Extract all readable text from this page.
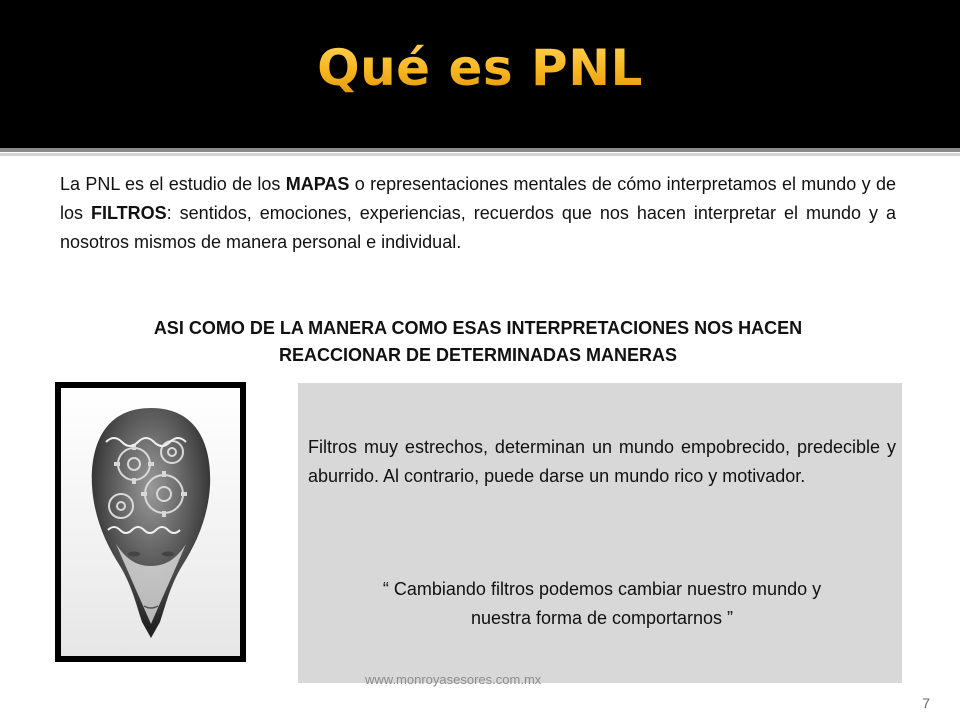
Qué es PNL
La PNL es el estudio de los MAPAS o representaciones mentales de cómo interpretamos el mundo y de los FILTROS: sentidos, emociones, experiencias, recuerdos que nos hacen interpretar el mundo y a nosotros mismos de manera personal e individual.
ASI COMO DE LA MANERA COMO ESAS INTERPRETACIONES NOS HACEN
REACCIONAR DE DETERMINADAS MANERAS
Filtros muy estrechos, determinan un mundo empobrecido, predecible y aburrido. Al contrario, puede darse un mundo rico y motivador.
“ Cambiando filtros podemos cambiar nuestro mundo y
nuestra forma de comportarnos ”
www.monroyasesores.com.mx
7
